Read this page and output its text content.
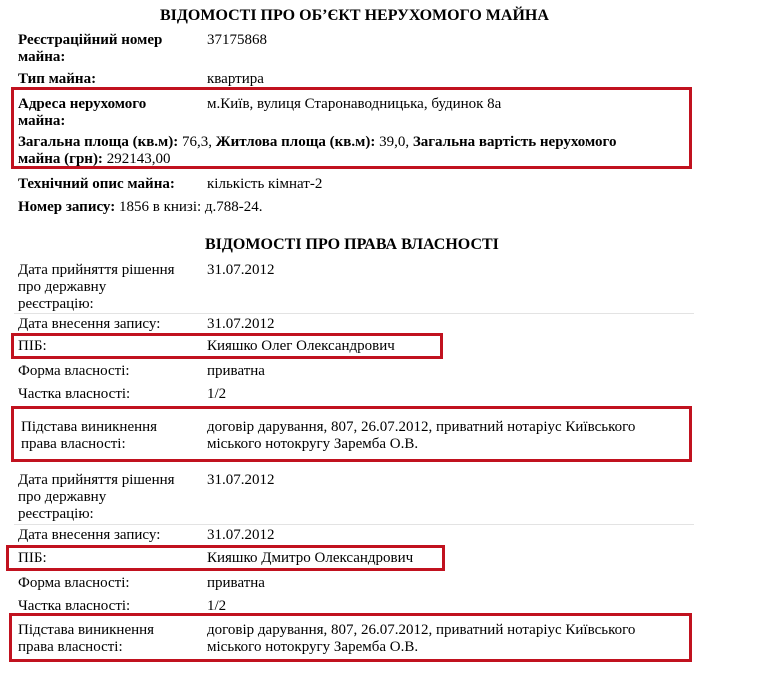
ВІДОМОСТІ ПРО ОБ’ЄКТ НЕРУХОМОГО МАЙНА
Реєстраційний номер
майна:
37175868
Тип майна:	квартира
Адреса нерухомого
майна:
м.Київ, вулиця Старонаводницька, будинок 8а
Загальна площа (кв.м): 76,3, Житлова площа (кв.м): 39,0, Загальна вартість нерухомого
майна (грн): 292143,00
Технічний опис майна: кількість кімнат-2
Номер запису: 1856 в книзі: д.788-24.
ВІДОМОСТІ ПРО ПРАВА ВЛАСНОСТІ
Дата прийняття рішення
про державну
реєстрацію:
31.07.2012
Дата внесення запису:	31.07.2012
ПІБ:	Кияшко Олег Олександрович
Форма власності:	приватна
Частка власності:	1/2
Підстава виникнення
права власності:
договір дарування, 807, 26.07.2012, приватний нотаріус Київського
міського нотокругу Заремба О.В.
Дата прийняття рішення
про державну
реєстрацію:
31.07.2012
Дата внесення запису:	31.07.2012
ПІБ:	Кияшко Дмитро Олександрович
Форма власності:	приватна
Частка власності:	1/2
Підстава виникнення
права власності:
договір дарування, 807, 26.07.2012, приватний нотаріус Київського
міського нотокругу Заремба О.В.
